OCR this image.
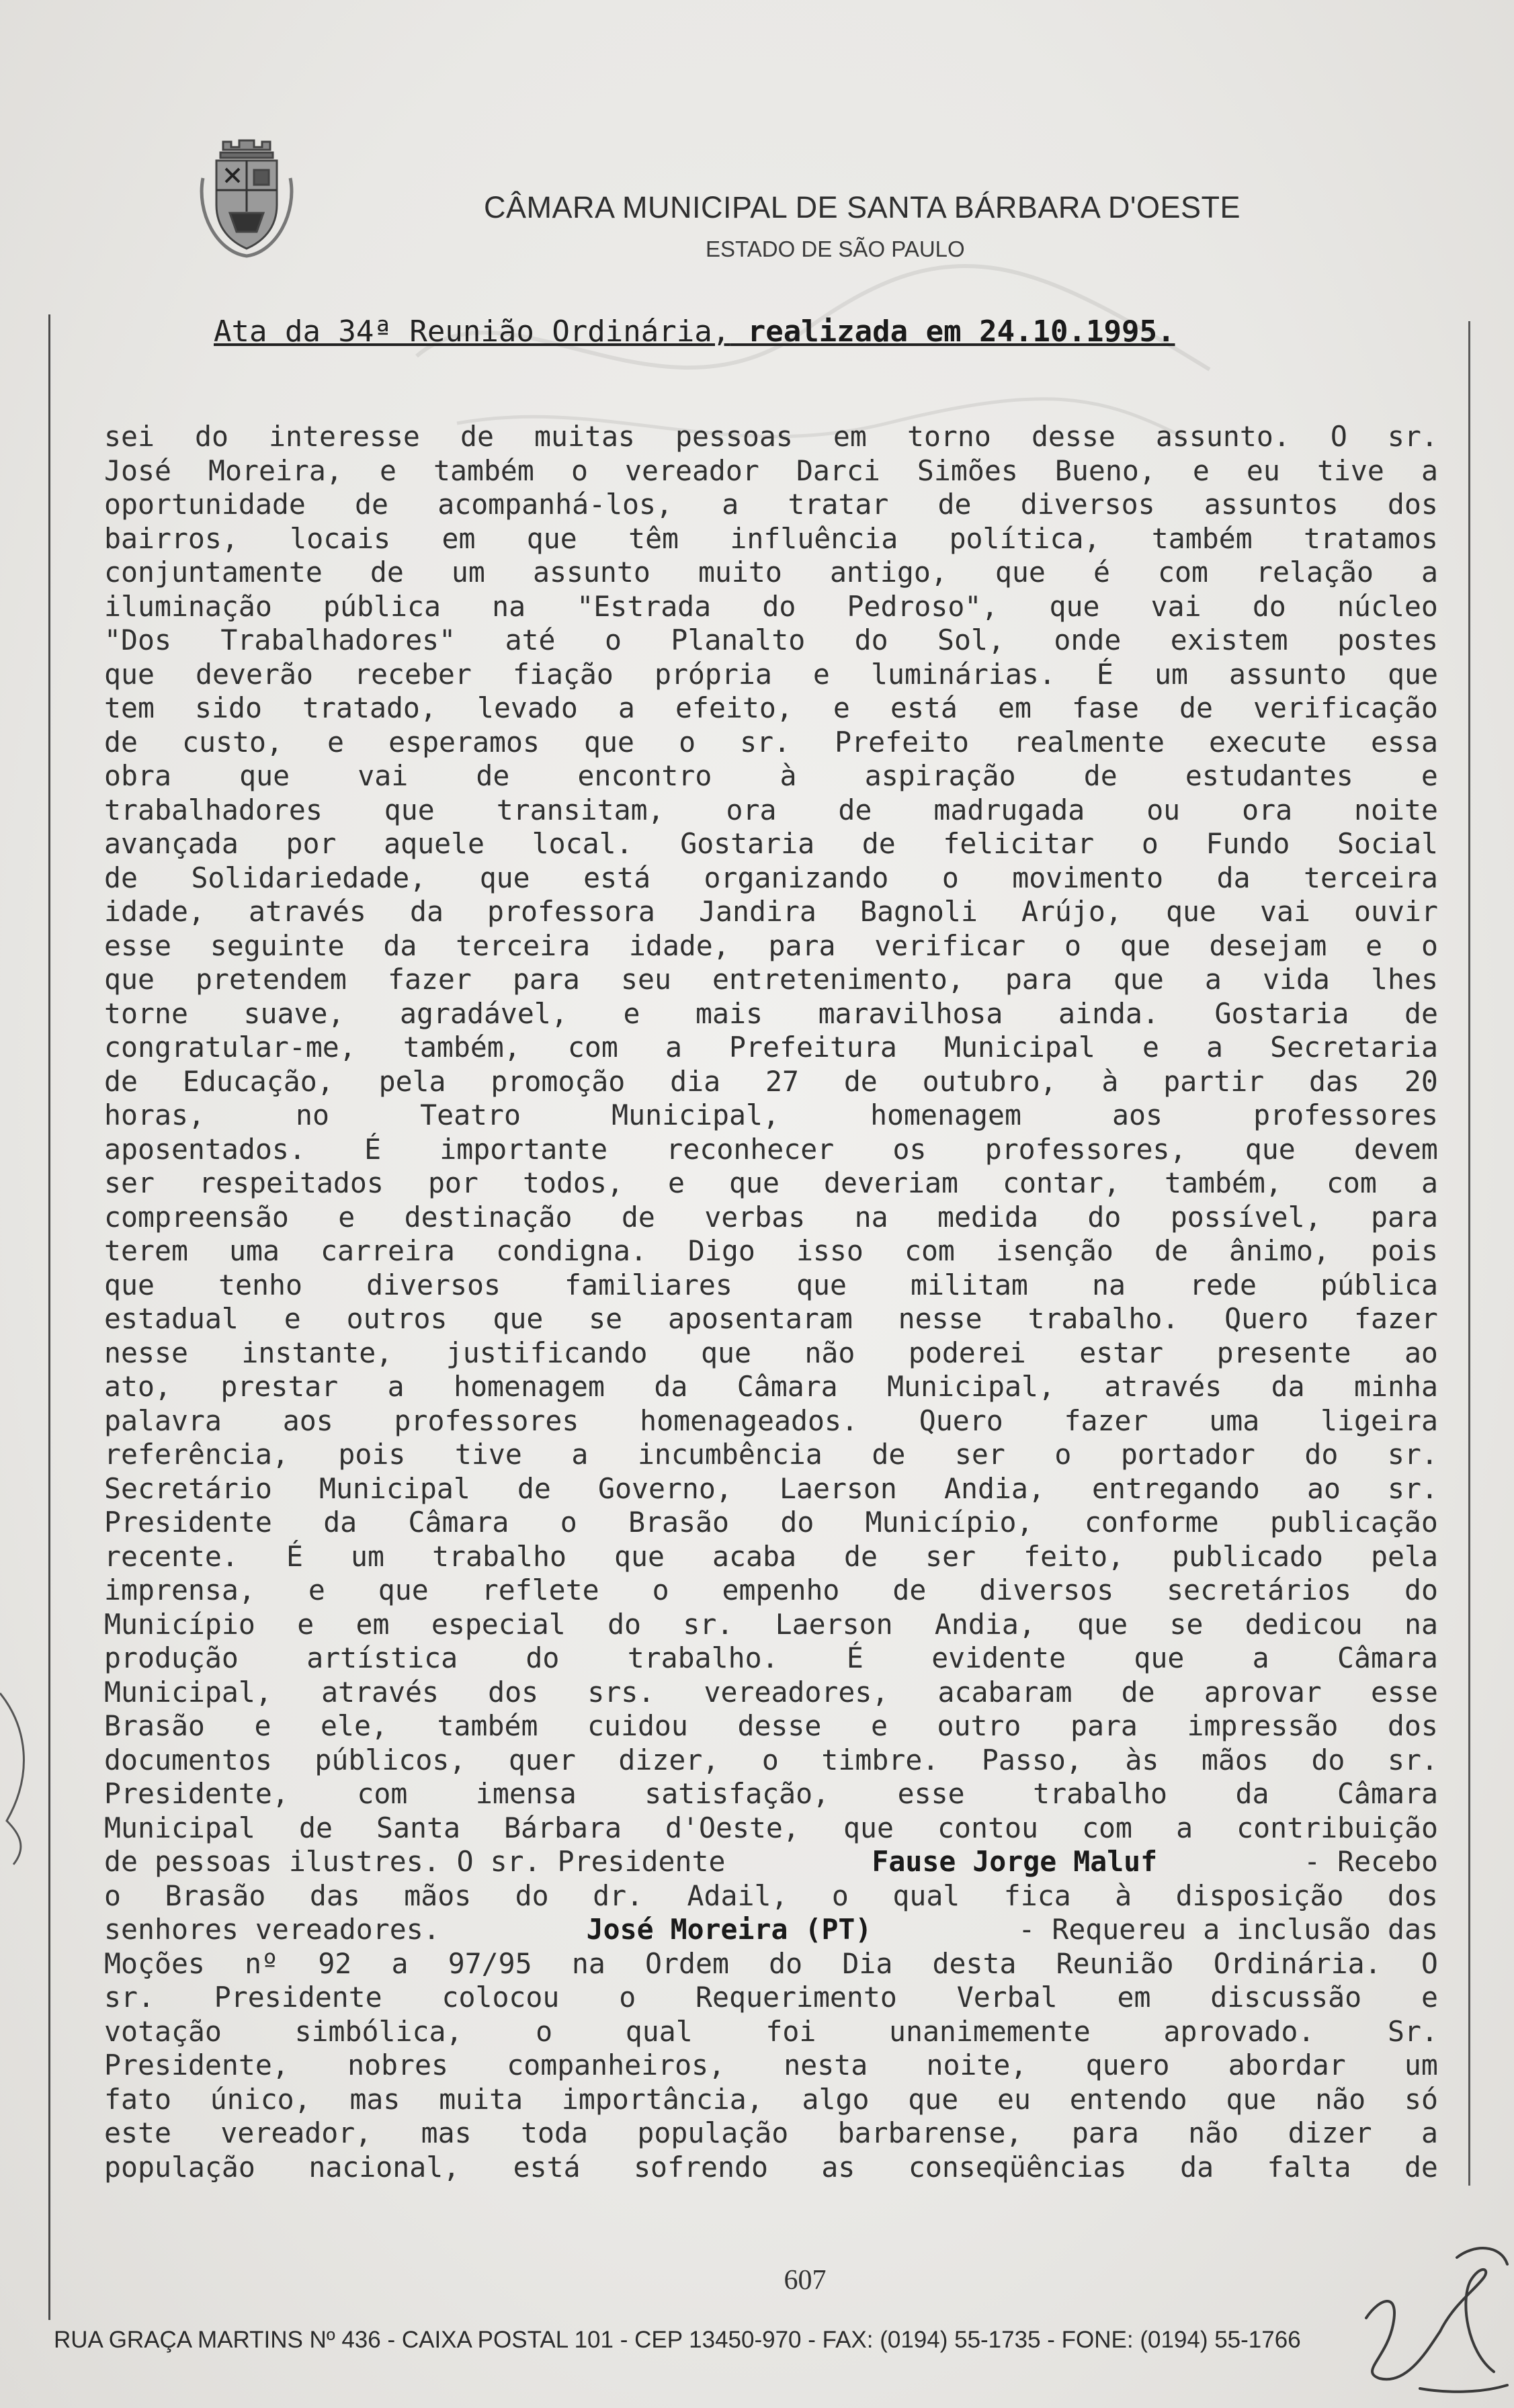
CÂMARA MUNICIPAL DE SANTA BÁRBARA D'OESTE
ESTADO DE SÃO PAULO
Ata da 34ª Reunião Ordinária, realizada em 24.10.1995.
sei do interesse de muitas pessoas em torno desse assunto. O sr.
José Moreira, e também o vereador Darci Simões Bueno, e eu tive a
oportunidade de acompanhá-los, a tratar de diversos assuntos dos
bairros, locais em que têm influência política, também tratamos
conjuntamente de um assunto muito antigo, que é com relação a
iluminação pública na "Estrada do Pedroso", que vai do núcleo
"Dos Trabalhadores" até o Planalto do Sol, onde existem postes
que deverão receber fiação própria e luminárias. É um assunto que
tem sido tratado, levado a efeito, e está em fase de verificação
de custo, e esperamos que o sr. Prefeito realmente execute essa
obra que vai de encontro à aspiração de estudantes e
trabalhadores que transitam, ora de madrugada ou ora noite
avançada por aquele local. Gostaria de felicitar o Fundo Social
de Solidariedade, que está organizando o movimento da terceira
idade, através da professora Jandira Bagnoli Arújo, que vai ouvir
esse seguinte da terceira idade, para verificar o que desejam e o
que pretendem fazer para seu entretenimento, para que a vida lhes
torne suave, agradável, e mais maravilhosa ainda. Gostaria de
congratular-me, também, com a Prefeitura Municipal e a Secretaria
de Educação, pela promoção dia 27 de outubro, à partir das 20
horas,	no	Teatro	Municipal,	homenagem	aos	professores
aposentados. É importante reconhecer os professores, que devem
ser respeitados por todos, e que deveriam contar, também, com a
compreensão e destinação de verbas na medida do possível, para
terem uma carreira condigna. Digo isso com isenção de ânimo, pois
que tenho diversos familiares que militam na rede pública
estadual e outros que se aposentaram nesse trabalho. Quero fazer
nesse instante, justificando que não poderei estar presente ao
ato, prestar a homenagem da Câmara Municipal, através da minha
palavra aos professores homenageados. Quero fazer uma ligeira
referência, pois tive a incumbência de ser o portador do sr.
Secretário Municipal de Governo, Laerson Andia, entregando ao sr.
Presidente da Câmara o Brasão do Município, conforme publicação
recente. É um trabalho que acaba de ser feito, publicado pela
imprensa, e que reflete o empenho de diversos secretários do
Município e em especial do sr. Laerson Andia, que se dedicou na
produção artística do trabalho. É evidente que a Câmara
Municipal, através dos srs. vereadores, acabaram de aprovar esse
Brasão e ele, também cuidou desse e outro para impressão dos
documentos públicos, quer dizer, o timbre. Passo, às mãos do sr.
Presidente, com imensa satisfação, esse trabalho da Câmara
Municipal de Santa Bárbara d'Oeste, que contou com a contribuição
de pessoas ilustres. O sr. Presidente	Fause Jorge Maluf	- Recebo
o Brasão das mãos do dr. Adail, o qual fica à disposição dos
senhores vereadores.	José Moreira (PT)	- Requereu a inclusão das
Moções nº 92 a 97/95 na Ordem do Dia desta Reunião Ordinária. O
sr. Presidente colocou o Requerimento Verbal em discussão e
votação	simbólica,	o	qual	foi	unanimemente	aprovado.	Sr.
Presidente, nobres companheiros, nesta noite, quero abordar um
fato único, mas muita importância, algo que eu entendo que não só
este vereador, mas toda população barbarense, para não dizer a
população nacional, está sofrendo as conseqüências da falta de
607
RUA GRAÇA MARTINS Nº 436 - CAIXA POSTAL 101 - CEP 13450-970 - FAX: (0194) 55-1735 - FONE: (0194) 55-1766
